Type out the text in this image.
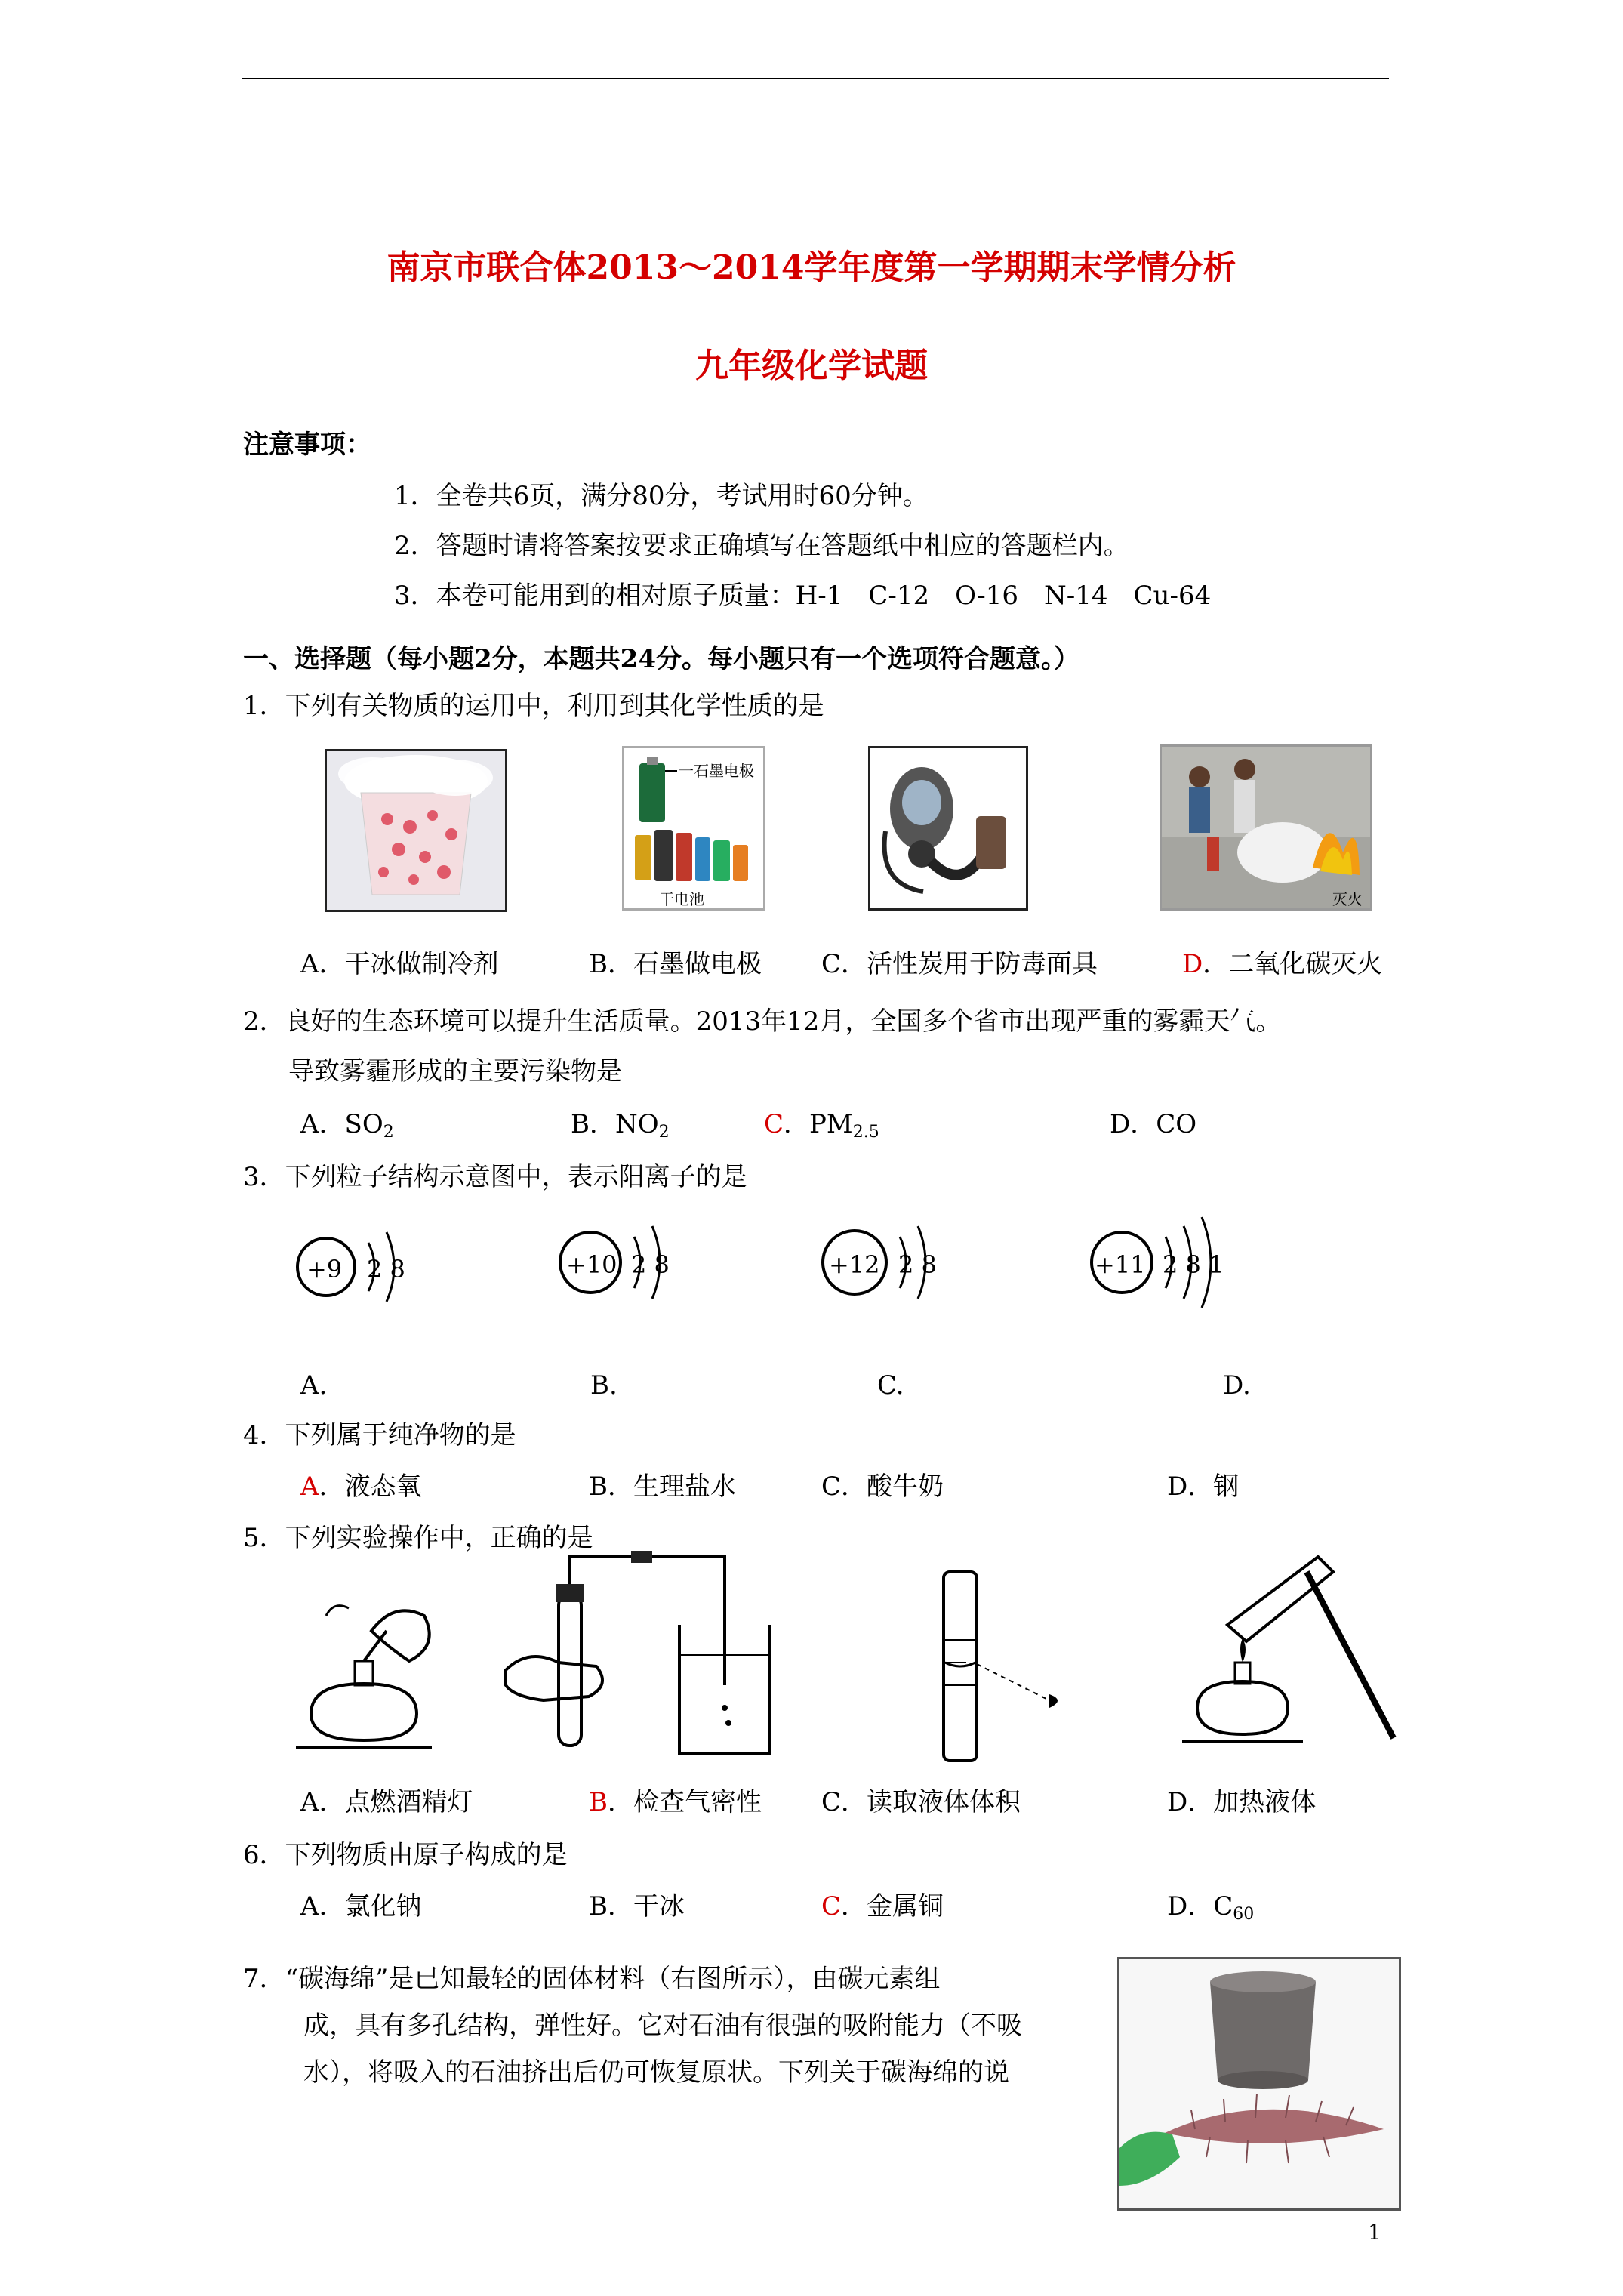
南京市联合体2013～2014学年度第一学期期末学情分析
九年级化学试题
注意事项：
1．全卷共6页，满分80分，考试用时60分钟。
2．答题时请将答案按要求正确填写在答题纸中相应的答题栏内。
3．本卷可能用到的相对原子质量：H-1　C-12　O-16　N-14　Cu-64
一、选择题（每小题2分，本题共24分。每小题只有一个选项符合题意。）
1．下列有关物质的运用中，利用到其化学性质的是
一石墨电极
干电池	灭火
A．干冰做制冷剂	B．石墨做电极 C．活性炭用于防毒面具	D．二氧化碳灭火
2．良好的生态环境可以提升生活质量。2013年12月，全国多个省市出现严重的雾霾天气。
导致雾霾形成的主要污染物是
A．$SO_2$	B．$NO_2$	C．$PM_{2.5}$	D．CO
3．下列粒子结构示意图中，表示阳离子的是
+9 2 8	+10 2 8	+12 2 8	+11 2 8 1
A.	B.	C.	D.
4．下列属于纯净物的是
A．液态氧	B．生理盐水	C．酸牛奶	D．钢
5．下列实验操作中，正确的是
A．点燃酒精灯	B．检查气密性 C．读取液体体积	D．加热液体
6．下列物质由原子构成的是
A．氯化钠	B．干冰	C．金属铜	D．$C_{60}$
7．“碳海绵”是已知最轻的固体材料（右图所示），由碳元素组
成，具有多孔结构，弹性好。它对石油有很强的吸附能力（不吸
水），将吸入的石油挤出后仍可恢复原状。下列关于碳海绵的说
1
